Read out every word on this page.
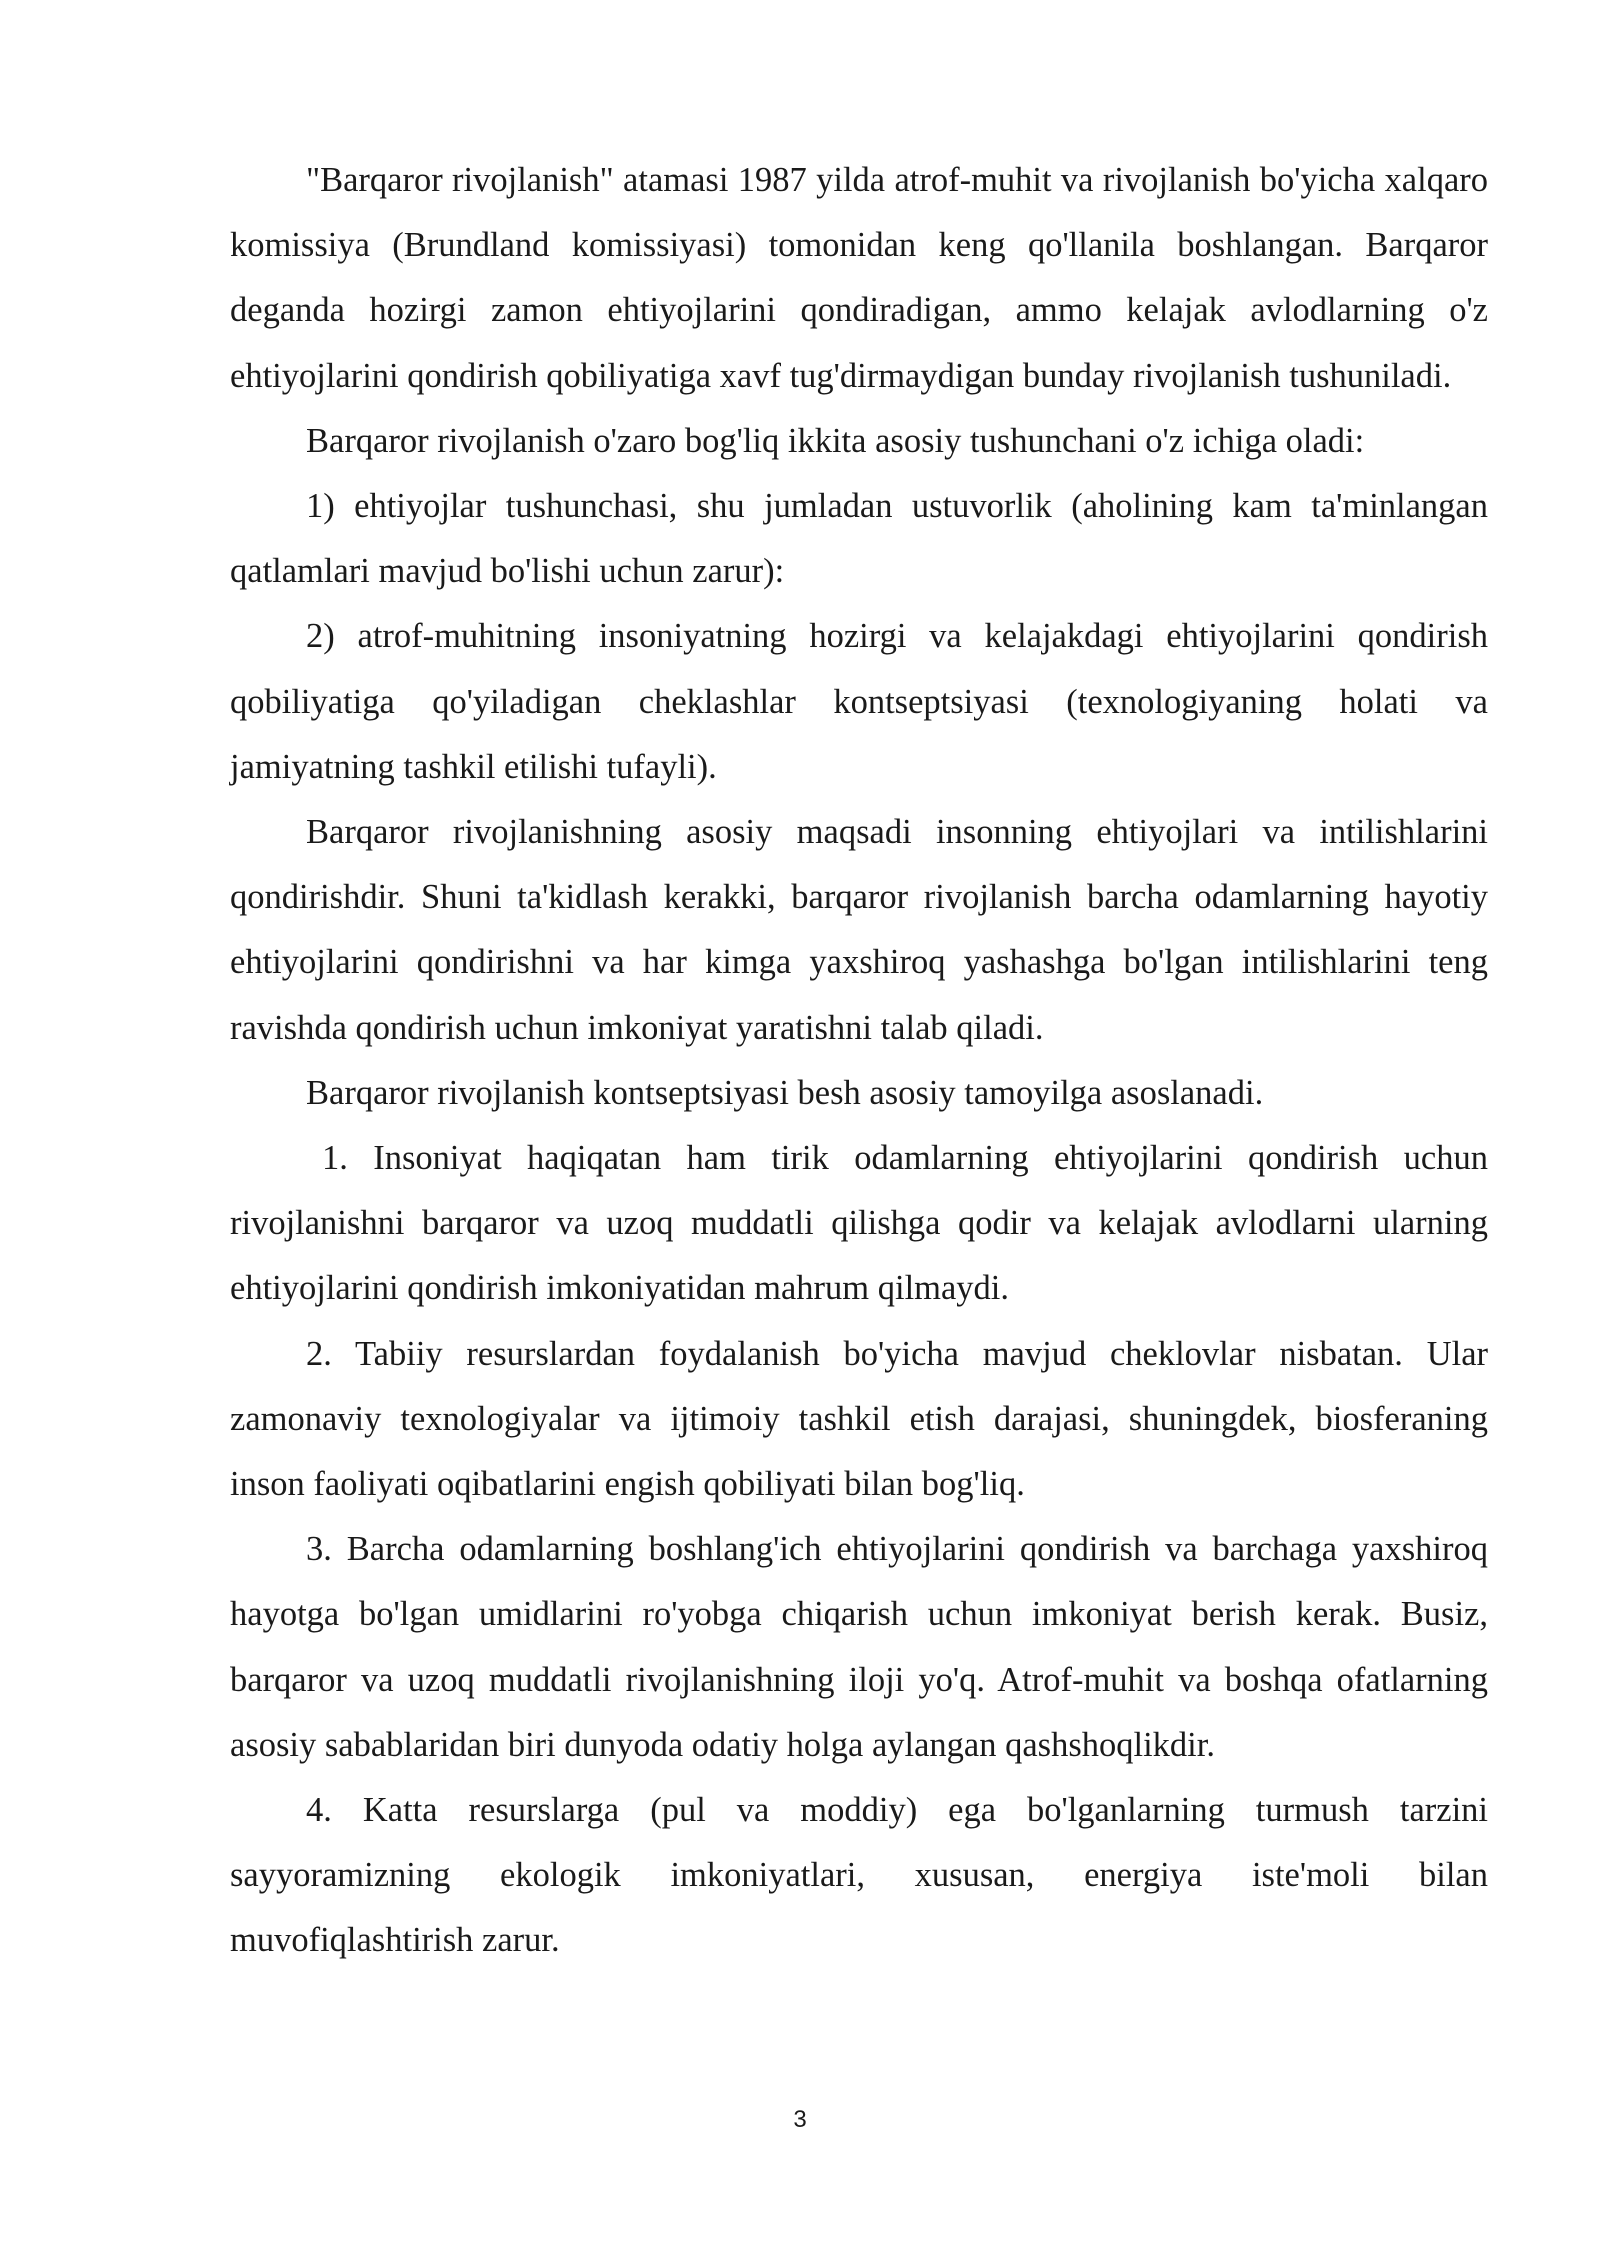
"Barqaror rivojlanish" atamasi 1987 yilda atrof-muhit va rivojlanish bo'yicha xalqaro komissiya (Brundland komissiyasi) tomonidan keng qo'llanila boshlangan. Barqaror deganda hozirgi zamon ehtiyojlarini qondiradigan, ammo kelajak avlodlarning o'z ehtiyojlarini qondirish qobiliyatiga xavf tug'dirmaydigan bunday rivojlanish tushuniladi.

Barqaror rivojlanish o'zaro bog'liq ikkita asosiy tushunchani o'z ichiga oladi:

1) ehtiyojlar tushunchasi, shu jumladan ustuvorlik (aholining kam ta'minlangan qatlamlari mavjud bo'lishi uchun zarur):

2) atrof-muhitning insoniyatning hozirgi va kelajakdagi ehtiyojlarini qondirish qobiliyatiga qo'yiladigan cheklashlar kontseptsiyasi (texnologiyaning holati va jamiyatning tashkil etilishi tufayli).

Barqaror rivojlanishning asosiy maqsadi insonning ehtiyojlari va intilishlarini qondirishdir. Shuni ta'kidlash kerakki, barqaror rivojlanish barcha odamlarning hayotiy ehtiyojlarini qondirishni va har kimga yaxshiroq yashashga bo'lgan intilishlarini teng ravishda qondirish uchun imkoniyat yaratishni talab qiladi.

Barqaror rivojlanish kontseptsiyasi besh asosiy tamoyilga asoslanadi.

1. Insoniyat haqiqatan ham tirik odamlarning ehtiyojlarini qondirish uchun rivojlanishni barqaror va uzoq muddatli qilishga qodir va kelajak avlodlarni ularning ehtiyojlarini qondirish imkoniyatidan mahrum qilmaydi.

2. Tabiiy resurslardan foydalanish bo'yicha mavjud cheklovlar nisbatan. Ular zamonaviy texnologiyalar va ijtimoiy tashkil etish darajasi, shuningdek, biosferaning inson faoliyati oqibatlarini engish qobiliyati bilan bog'liq.

3. Barcha odamlarning boshlang'ich ehtiyojlarini qondirish va barchaga yaxshiroq hayotga bo'lgan umidlarini ro'yobga chiqarish uchun imkoniyat berish kerak. Busiz, barqaror va uzoq muddatli rivojlanishning iloji yo'q. Atrof-muhit va boshqa ofatlarning asosiy sabablaridan biri dunyoda odatiy holga aylangan qashshoqlikdir.

4. Katta resurslarga (pul va moddiy) ega bo'lganlarning turmush tarzini sayyoramizning ekologik imkoniyatlari, xususan, energiya iste'moli bilan muvofiqlashtirish zarur.

3
